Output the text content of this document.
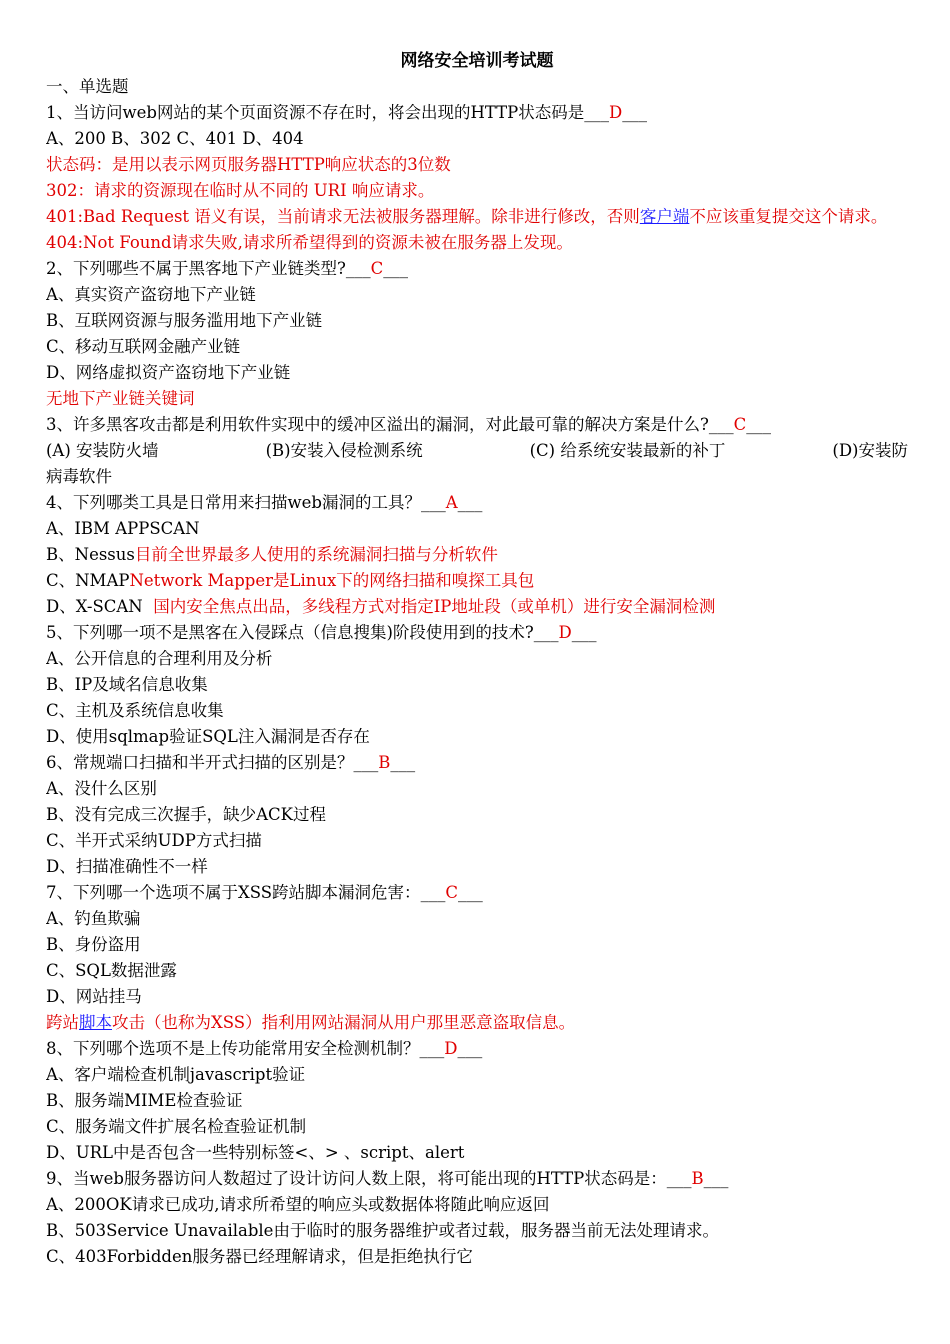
网络安全培训考试题
一、单选题
1、当访问web网站的某个页面资源不存在时，将会出现的HTTP状态码是___D___
A、200 B、302 C、401 D、404
状态码：是用以表示网页服务器HTTP响应状态的3位数
302：请求的资源现在临时从不同的 URI 响应请求。
401:Bad Request 语义有误，当前请求无法被服务器理解。除非进行修改，否则客户端不应该重复提交这个请求。
404:Not Found请求失败,请求所希望得到的资源未被在服务器上发现。
2、下列哪些不属于黑客地下产业链类型?___C___
A、真实资产盗窃地下产业链
B、互联网资源与服务滥用地下产业链
C、移动互联网金融产业链
D、网络虚拟资产盗窃地下产业链
无地下产业链关键词
3、许多黑客攻击都是利用软件实现中的缓冲区溢出的漏洞，对此最可靠的解决方案是什么?___C___
(A) 安装防火墙	(B)安装入侵检测系统	(C) 给系统安装最新的补丁	(D)安装防
病毒软件
4、下列哪类工具是日常用来扫描web漏洞的工具？___A___
A、IBM APPSCAN
B、Nessus目前全世界最多人使用的系统漏洞扫描与分析软件
C、NMAPNetwork Mapper是Linux下的网络扫描和嗅探工具包
D、X-SCAN  国内安全焦点出品，多线程方式对指定IP地址段（或单机）进行安全漏洞检测
5、下列哪一项不是黑客在入侵踩点（信息搜集)阶段使用到的技术?___D___
A、公开信息的合理利用及分析
B、IP及域名信息收集
C、主机及系统信息收集
D、使用sqlmap验证SQL注入漏洞是否存在
6、常规端口扫描和半开式扫描的区别是？___B___
A、没什么区别
B、没有完成三次握手，缺少ACK过程
C、半开式采纳UDP方式扫描
D、扫描准确性不一样
7、下列哪一个选项不属于XSS跨站脚本漏洞危害：___C___
A、钓鱼欺骗
B、身份盗用
C、SQL数据泄露
D、网站挂马
跨站脚本攻击（也称为XSS）指利用网站漏洞从用户那里恶意盗取信息。
8、下列哪个选项不是上传功能常用安全检测机制？___D___
A、客户端检查机制javascript验证
B、服务端MIME检查验证
C、服务端文件扩展名检查验证机制
D、URL中是否包含一些特别标签<、> 、script、alert
9、当web服务器访问人数超过了设计访问人数上限，将可能出现的HTTP状态码是：___B___
A、200OK请求已成功,请求所希望的响应头或数据体将随此响应返回
B、503Service Unavailable由于临时的服务器维护或者过载，服务器当前无法处理请求。
C、403Forbidden服务器已经理解请求，但是拒绝执行它
